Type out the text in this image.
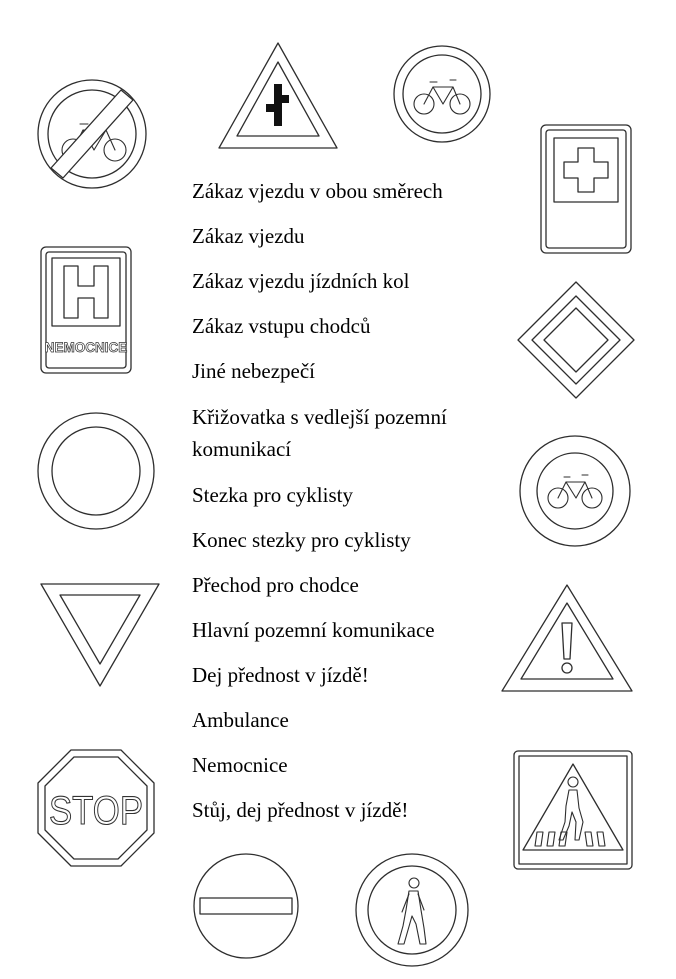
NEMOCNICE
STOP
Zákaz vjezdu v obou směrech
Zákaz vjezdu
Zákaz vjezdu jízdních kol
Zákaz vstupu chodců
Jiné nebezpečí
Křižovatka s vedlejší pozemní komunikací
Stezka pro cyklisty
Konec stezky pro cyklisty
Přechod pro chodce
Hlavní pozemní komunikace
Dej přednost v jízdě!
Ambulance
Nemocnice
Stůj, dej přednost v jízdě!
